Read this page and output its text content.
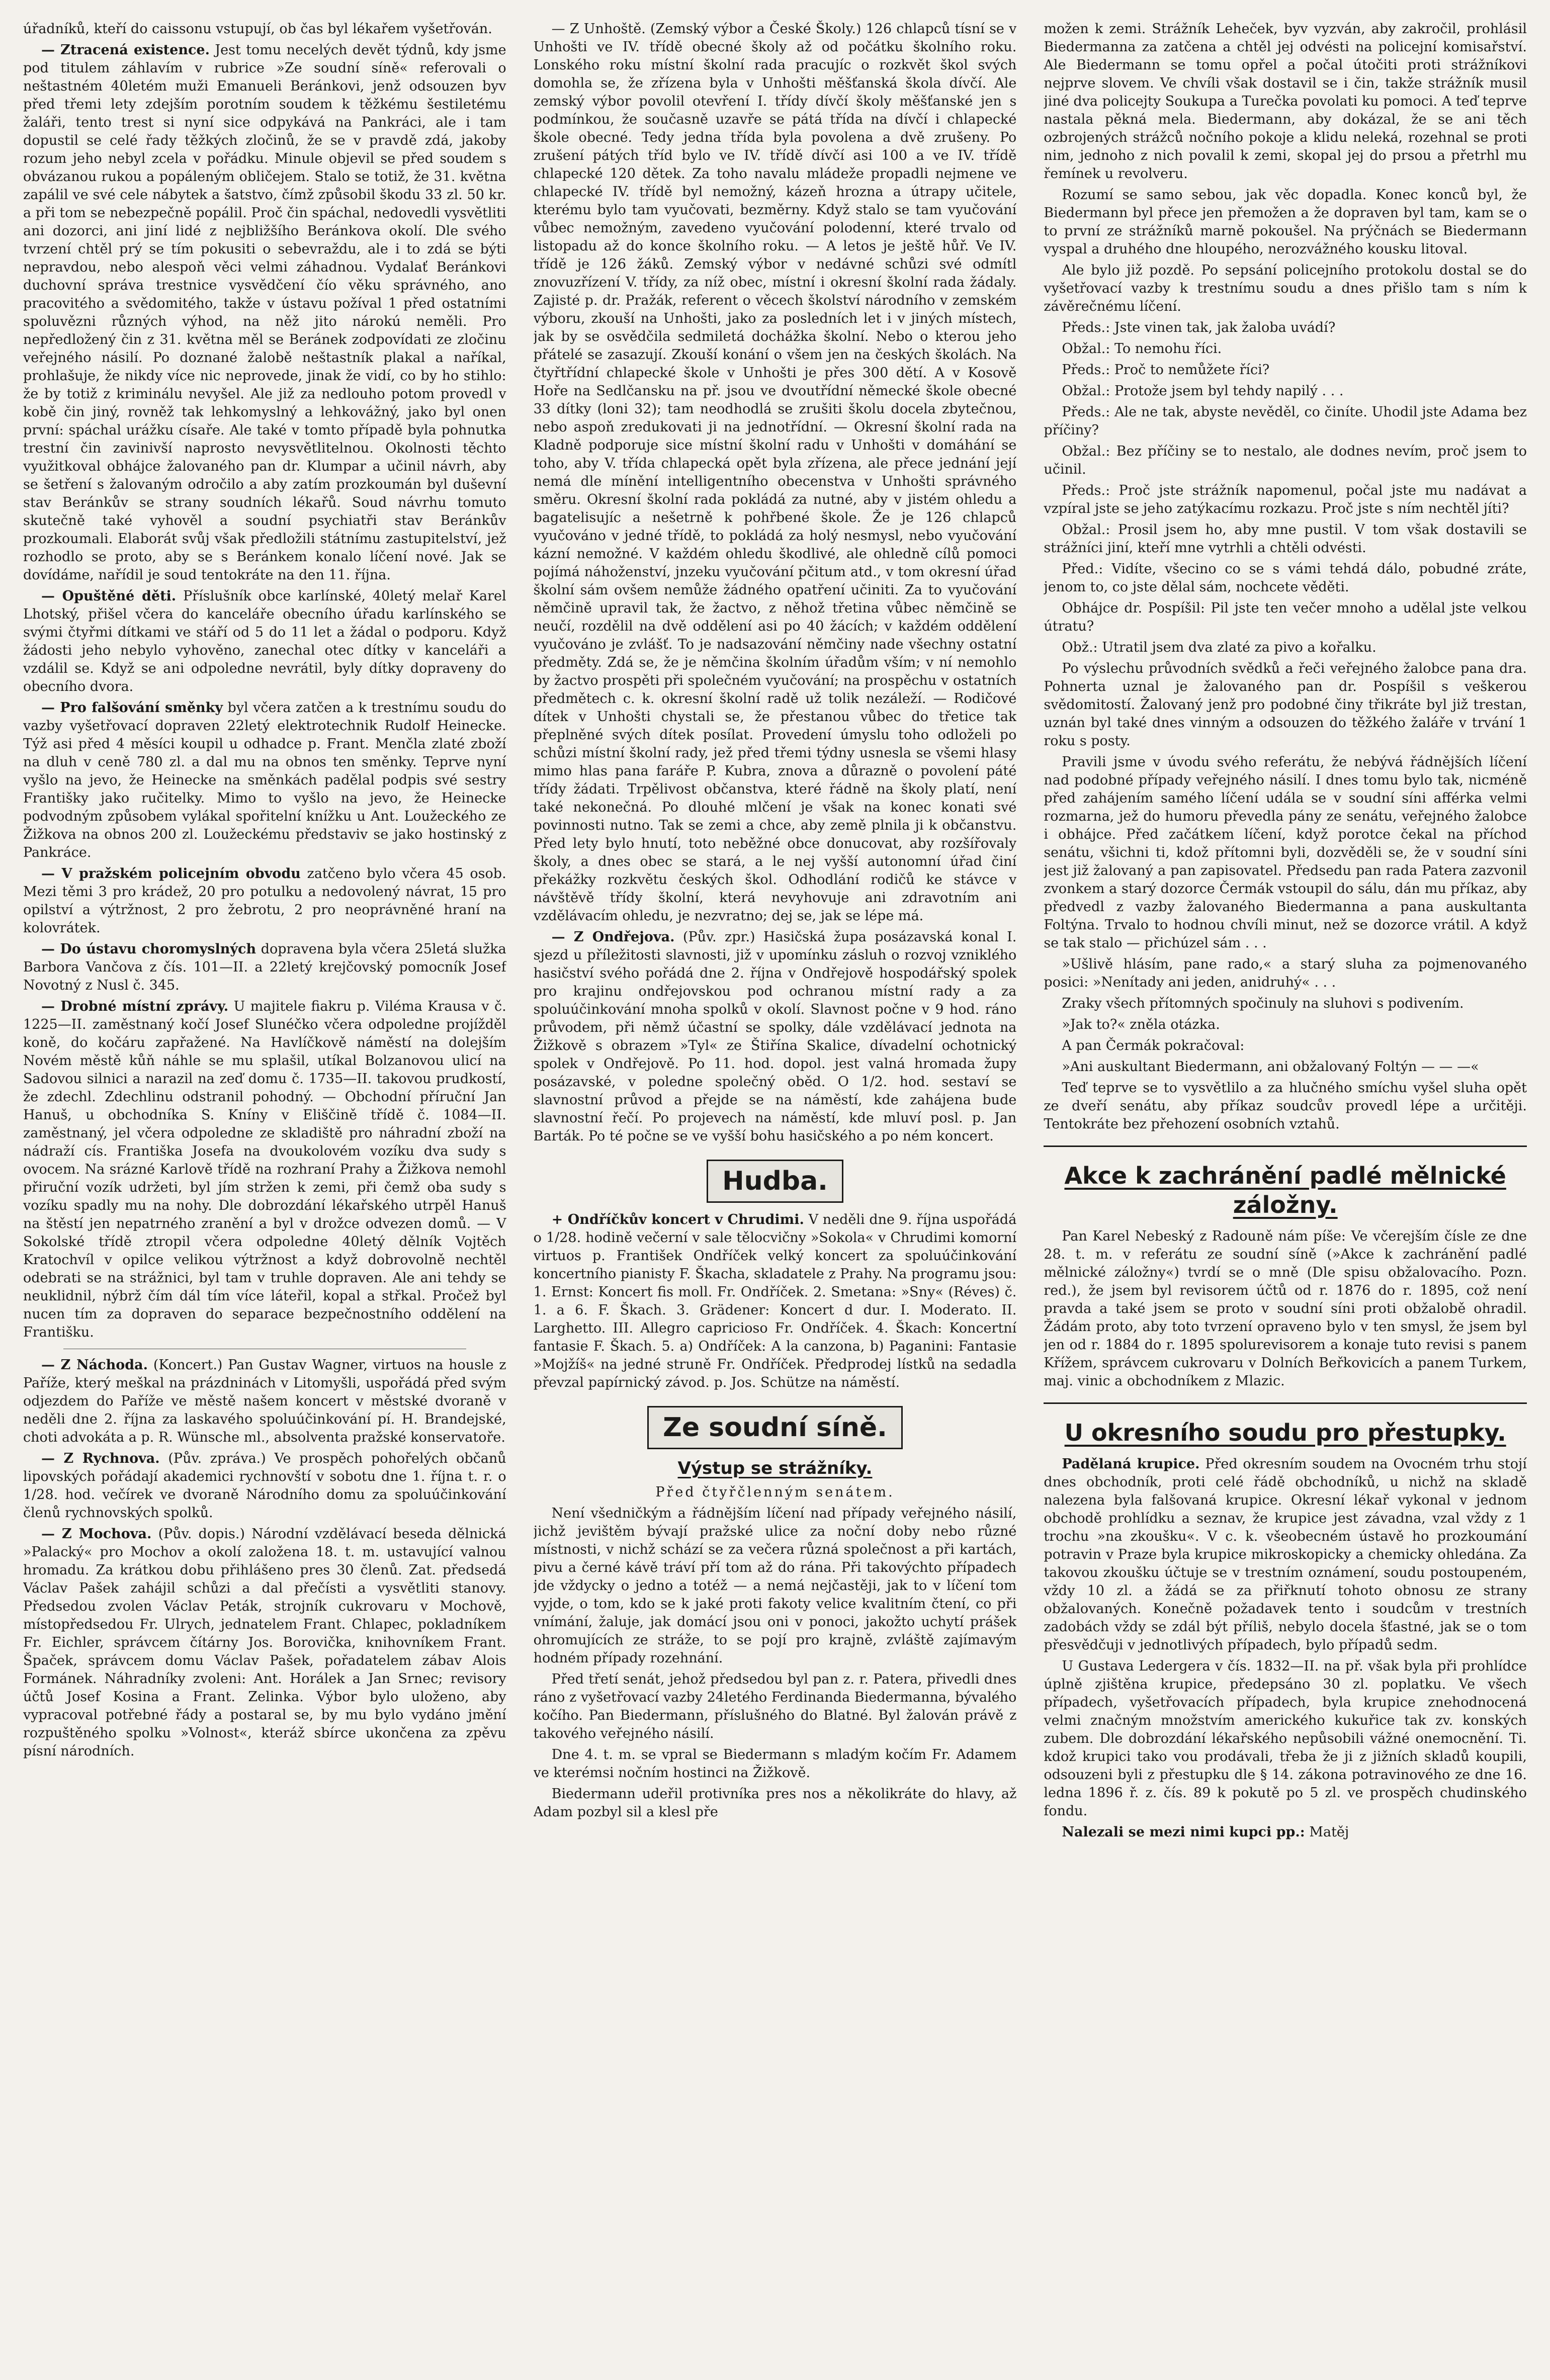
úřadníků, kteří do caissonu vstupují, ob čas byl lékařem vyšetřován.

— Ztracená existence. Jest tomu necelých devět týdnů, kdy jsme pod titulem záhlavím v rubrice »Ze soudní síně« referovali o neštastném 40letém muži Emanueli Beránkovi, jenž odsouzen byv před třemi lety zdejším porotním soudem k těžkému šestiletému žaláři, tento trest si nyní sice odpykává na Pankráci, ale i tam dopustil se celé řady těžkých zločinů, že se v pravdě zdá, jakoby rozum jeho nebyl zcela v pořádku. Minule objevil se před soudem s obvázanou rukou a popáleným obličejem. Stalo se totiž, že 31. května zapálil ve své cele nábytek a šatstvo, čímž způsobil škodu 33 zl. 50 kr. a při tom se nebezpečně popálil. Proč čin spáchal, nedovedli vysvětliti ani dozorci, ani jiní lidé z nejbližšího Beránkova okolí. Dle svého tvrzení chtěl prý se tím pokusiti o sebevraždu, ale i to zdá se býti nepravdou, nebo alespoň věci velmi záhadnou. Vydalať Beránkovi duchovní správa trestnice vysvědčení čío věku správného, ano pracovitého a svědomitého, takže v ústavu požíval 1 před ostatními spoluvězni různých výhod, na něž jito nárokú neměli. Pro nepředložený čin z 31. května měl se Beránek zodpovídati ze zločinu veřejného násilí. Po doznané žalobě neštastník plakal a naříkal, prohlašuje, že nikdy více nic neprovede, jinak že vidí, co by ho stihlo: že by totiž z kriminálu nevyšel. Ale již za nedlouho potom provedl v kobě čin jiný, rovněž tak lehkomyslný a lehkovážný, jako byl onen první: spáchal urážku císaře. Ale také v tomto případě byla pohnutka trestní čin zavinivší naprosto nevysvětlitelnou. Okolnosti těchto využitkoval obhájce žalovaného pan dr. Klumpar a učinil návrh, aby se šetření s žalovaným odročilo a aby zatím prozkoumán byl duševní stav Beránkův se strany soudních lékařů. Soud návrhu tomuto skutečně také vyhověl a soudní psychiatři stav Beránkův prozkoumali. Elaborát svůj však předložili státnímu zastupitelství, jež rozhodlo se proto, aby se s Beránkem konalo líčení nové. Jak se dovídáme, nařídil je soud tentokráte na den 11. října.

— Opuštěné děti. Příslušník obce karlínské, 40letý melař Karel Lhotský, přišel včera do kanceláře obecního úřadu karlínského se svými čtyřmi dítkami ve stáří od 5 do 11 let a žádal o podporu. Když žádosti jeho nebylo vyhověno, zanechal otec dítky v kanceláři a vzdálil se. Když se ani odpoledne nevrátil, byly dítky dopraveny do obecního dvora.

— Pro falšování směnky byl včera zatčen a k trestnímu soudu do vazby vyšetřovací dopraven 22letý elektrotechnik Rudolf Heinecke. Týž asi před 4 měsíci koupil u odhadce p. Frant. Menčla zlaté zboží na dluh v ceně 780 zl. a dal mu na obnos ten směnky. Teprve nyní vyšlo na jevo, že Heinecke na směnkách padělal podpis své sestry Františky jako ručitelky. Mimo to vyšlo na jevo, že Heinecke podvodným způsobem vylákal spořitelní knížku u Ant. Loužeckého ze Žižkova na obnos 200 zl. Loužeckému představiv se jako hostinský z Pankráce.

— V pražském policejním obvodu zatčeno bylo včera 45 osob. Mezi těmi 3 pro krádež, 20 pro potulku a nedovolený návrat, 15 pro opilství a výtržnost, 2 pro žebrotu, 2 pro neoprávněné hraní na kolovrátek.

— Do ústavu choromyslných dopravena byla včera 25letá služka Barbora Vančova z čís. 101—II. a 22letý krejčovský pomocník Josef Novotný z Nusl č. 345.

— Drobné místní zprávy. U majitele fiakru p. Viléma Krausa v č. 1225—II. zaměstnaný kočí Josef Slunéčko včera odpoledne projížděl koně, do kočáru zapřažené. Na Havlíčkově náměstí na dolejším Novém městě kůň náhle se mu splašil, utíkal Bolzanovou ulicí na Sadovou silnici a narazil na zeď domu č. 1735—II. takovou prudkostí, že zdechl. Zdechlinu odstranil pohodný. — Obchodní příruční Jan Hanuš, u obchodníka S. Kníny v Eliščině třídě č. 1084—II. zaměstnaný, jel včera odpoledne ze skladiště pro náhradní zboží na nádraží cís. Františka Josefa na dvoukolovém vozíku dva sudy s ovocem. Na srázné Karlově třídě na rozhraní Prahy a Žižkova nemohl přiruční vozík udržeti, byl jím stržen k zemi, při čemž oba sudy s vozíku spadly mu na nohy. Dle dobrozdání lékařského utrpěl Hanuš na štěstí jen nepatrného zranění a byl v drožce odvezen domů. — V Sokolské třídě ztropil včera odpoledne 40letý dělník Vojtěch Kratochvíl v opilce velikou výtržnost a když dobrovolně nechtěl odebrati se na strážnici, byl tam v truhle dopraven. Ale ani tehdy se neuklidnil, nýbrž čím dál tím více láteřil, kopal a střkal. Pročež byl nucen tím za dopraven do separace bezpečnostního oddělení na Františku.

— Z Náchoda. (Koncert.) Pan Gustav Wagner, virtuos na housle z Paříže, který meškal na prázdninách v Litomyšli, uspořádá před svým odjezdem do Paříže ve městě našem koncert v městské dvoraně v neděli dne 2. října za laskavého spoluúčinkování pí. H. Brandejské, choti advokáta a p. R. Wünsche ml., absolventa pražské konservatoře.

— Z Rychnova. (Pův. zpráva.) Ve prospěch pohořelých občanů lipovských pořádají akademici rychnovští v sobotu dne 1. října t. r. o 1/28. hod. večírek ve dvoraně Národního domu za spoluúčinkování členů rychnovských spolků.

— Z Mochova. (Pův. dopis.) Národní vzdělávací beseda dělnická »Palacký« pro Mochov a okolí založena 18. t. m. ustavující valnou hromadu. Za krátkou dobu přihlášeno pres 30 členů. Zat. předsedá Václav Pašek zahájil schůzi a dal přečísti a vysvětliti stanovy. Předsedou zvolen Václav Peták, strojník cukrovaru v Mochově, místopředsedou Fr. Ulrych, jednatelem Frant. Chlapec, pokladníkem Fr. Eichler, správcem čítárny Jos. Borovička, knihovníkem Frant. Špaček, správcem domu Václav Pašek, pořadatelem zábav Alois Formánek. Náhradníky zvoleni: Ant. Horálek a Jan Srnec; revisory účtů Josef Kosina a Frant. Zelinka. Výbor bylo uloženo, aby vypracoval potřebné řády a postaral se, by mu bylo vydáno jmění rozpuštěného spolku »Volnost«, kteráž sbírce ukončena za zpěvu písní národních.

— Z Unhoště. (Zemský výbor a České Školy.) 126 chlapců tísní se v Unhošti ve IV. třídě obecné školy až od počátku školního roku. Lonského roku místní školní rada pracujíc o rozkvět škol svých domohla se, že zřízena byla v Unhošti měšťanská škola dívčí. Ale zemský výbor povolil otevření I. třídy dívčí školy měšťanské jen s podmínkou, že současně uzavře se pátá třída na dívčí i chlapecké škole obecné. Tedy jedna třída byla povolena a dvě zrušeny. Po zrušení pátých tříd bylo ve IV. třídě dívčí asi 100 a ve IV. třídě chlapecké 120 dětek. Za toho navalu mládeže propadli nejmene ve chlapecké IV. třídě byl nemožný, kázeň hrozna a útrapy učitele, kterému bylo tam vyučovati, bezměrny. Když stalo se tam vyučování vůbec nemožným, zavedeno vyučování polodenní, které trvalo od listopadu až do konce školního roku. — A letos je ještě hůř. Ve IV. třídě je 126 žáků. Zemský výbor v nedávné schůzi své odmítl znovuzřízení V. třídy, za níž obec, místní i okresní školní rada žádaly. Zajisté p. dr. Pražák, referent o věcech školství národního v zemském výboru, zkouší na Unhošti, jako za posledních let i v jiných místech, jak by se osvědčila sedmiletá dochážka školní. Nebo o kterou jeho přátelé se zasazují. Zkouší konání o všem jen na českých školách. Na čtyřtřídní chlapecké škole v Unhošti je přes 300 dětí. A v Kosově Hoře na Sedlčansku na př. jsou ve dvoutřídní německé škole obecné 33 dítky (loni 32); tam neodhodlá se zrušiti školu docela zbytečnou, nebo aspoň zredukovati ji na jednotřídní. — Okresní školní rada na Kladně podporuje sice místní školní radu v Unhošti v domáhání se toho, aby V. třída chlapecká opět byla zřízena, ale přece jednání její nemá dle mínění intelligentního obecenstva v Unhošti správného směru. Okresní školní rada pokládá za nutné, aby v jistém ohledu a bagatelisujíc a nešetrně k pohřbené škole. Že je 126 chlapců vyučováno v jedné třídě, to pokládá za holý nesmysl, nebo vyučování kázní nemožné. V každém ohledu škodlivé, ale ohledně cílů pomoci pojímá náhoženství, jnzeku vyučování pčitum atd., v tom okresní úřad školní sám ovšem nemůže žádného opatření učiniti. Za to vyučování němčině upravil tak, že žactvo, z něhož třetina vůbec němčině se neučí, rozdělil na dvě oddělení asi po 40 žácích; v každém oddělení vyučováno je zvlášť. To je nadsazování němčiny nade všechny ostatní předměty. Zdá se, že je němčina školním úřadům vším; v ní nemohlo by žactvo prospěti při společném vyučování; na prospěchu v ostatních předmětech c. k. okresní školní radě už tolik nezáleží. — Rodičové dítek v Unhošti chystali se, že přestanou vůbec do třetice tak přeplněné svých dítek posílat. Provedení úmyslu toho odloželi po schůzi místní školní rady, jež před třemi týdny usnesla se všemi hlasy mimo hlas pana faráře P. Kubra, znova a důrazně o povolení páté třídy žádati. Trpělivost občanstva, které řádně na školy platí, není také nekonečná. Po dlouhé mlčení je však na konec konati své povinnosti nutno. Tak se zemi a chce, aby země plnila ji k občanstvu. Před lety bylo hnutí, toto neběžné obce donucovat, aby rozšířovaly školy, a dnes obec se stará, a le nej vyšší autonomní úřad činí překážky rozkvětu českých škol. Odhodlání rodičů ke stávce v návštěvě třídy školní, která nevyhovuje ani zdravotním ani vzdělávacím ohledu, je nezvratno; dej se, jak se lépe má.

— Z Ondřejova. (Pův. zpr.) Hasičská župa posázavská konal I. sjezd u příležitosti slavnosti, již v upomínku zásluh o rozvoj vzniklého hasičství svého pořádá dne 2. října v Ondřejově hospodářský spolek pro krajinu ondřejovskou pod ochranou místní rady a za spoluúčinkování mnoha spolků v okolí. Slavnost počne v 9 hod. ráno průvodem, při němž účastní se spolky, dále vzdělávací jednota na Žižkově s obrazem »Tyl« ze Štiřína Skalice, dívadelní ochotnický spolek v Ondřejově. Po 11. hod. dopol. jest valná hromada župy posázavské, v poledne společný oběd. O 1/2. hod. sestaví se slavnostní průvod a přejde se na náměstí, kde zahájena bude slavnostní řečí. Po projevech na náměstí, kde mluví posl. p. Jan Barták. Po té počne se ve vyšší bohu hasičského a po ném koncert.

Hudba.

+ Ondříčkův koncert v Chrudimi. V neděli dne 9. října uspořádá o 1/28. hodině večerní v sale tělocvičny »Sokola« v Chrudimi komorní virtuos p. František Ondříček velký koncert za spoluúčinkování koncertního pianisty F. Škacha, skladatele z Prahy. Na programu jsou: 1. Ernst: Koncert fis moll. Fr. Ondříček. 2. Smetana: »Sny« (Réves) č. 1. a 6. F. Škach. 3. Grädener: Koncert d dur. I. Moderato. II. Larghetto. III. Allegro capricioso Fr. Ondříček. 4. Škach: Koncertní fantasie F. Škach. 5. a) Ondříček: A la canzona, b) Paganini: Fantasie »Mojžíš« na jedné struně Fr. Ondříček. Předprodej lístků na sedadla převzal papírnický závod. p. Jos. Schütze na náměstí.

Ze soudní síně.
Výstup se strážníky.

Před čtyřčlenným senátem.

Není všedničkým a řádnějším líčení nad případy veřejného násilí, jichž jevištěm bývají pražské ulice za noční doby nebo různé místnosti, v nichž schází se za večera různá společnost a při kartách, pivu a černé kávě tráví pří tom až do rána. Při takovýchto případech jde vždycky o jedno a totéž — a nemá nejčastěji, jak to v líčení tom vyjde, o tom, kdo se k jaké proti fakoty velice kvalitním čtení, co při vnímání, žaluje, jak domácí jsou oni v ponoci, jakožto uchytí prášek ohromujících ze stráže, to se pojí pro krajně, zvláště zajímavým hodném případy rozehnání.

Před třetí senát, jehož předsedou byl pan z. r. Patera, přivedli dnes ráno z vyšetřovací vazby 24letého Ferdinanda Biedermanna, bývalého kočího. Pan Biedermann, příslušného do Blatné. Byl žalován právě z takového veřejného násilí.

Dne 4. t. m. se vpral se Biedermann s mladým kočím Fr. Adamem ve kterémsi nočním hostinci na Žižkově.

Biedermann udeřil protivníka pres nos a několikráte do hlavy, až Adam pozbyl sil a klesl pře

možen k zemi. Strážník Leheček, byv vyzván, aby zakročil, prohlásil Biedermanna za zatčena a chtěl jej odvésti na policejní komisařství. Ale Biedermann se tomu opřel a počal útočiti proti strážníkovi nejprve slovem. Ve chvíli však dostavil se i čin, takže strážník musil jiné dva policejty Soukupa a Turečka povolati ku pomoci. A teď teprve nastala pěkná mela. Biedermann, aby dokázal, že se ani těch ozbrojených strážců nočního pokoje a klidu neleká, rozehnal se proti nim, jednoho z nich povalil k zemi, skopal jej do prsou a přetrhl mu řemínek u revolveru.

Rozumí se samo sebou, jak věc dopadla. Konec konců byl, že Biedermann byl přece jen přemožen a že dopraven byl tam, kam se o to první ze strážníků marně pokoušel. Na prýčnách se Biedermann vyspal a druhého dne hloupého, nerozvážného kousku litoval.

Ale bylo již pozdě. Po sepsání policejního protokolu dostal se do vyšetřovací vazby k trestnímu soudu a dnes přišlo tam s ním k závěrečnému líčení.

Předs.: Jste vinen tak, jak žaloba uvádí?

Obžal.: To nemohu říci.

Předs.: Proč to nemůžete říci?

Obžal.: Protože jsem byl tehdy napilý . . .

Předs.: Ale ne tak, abyste nevěděl, co činíte. Uhodil jste Adama bez příčiny?

Obžal.: Bez příčiny se to nestalo, ale dodnes nevím, proč jsem to učinil.

Předs.: Proč jste strážník napomenul, počal jste mu nadávat a vzpíral jste se jeho zatýkacímu rozkazu. Proč jste s ním nechtěl jíti?

Obžal.: Prosil jsem ho, aby mne pustil. V tom však dostavili se strážníci jiní, kteří mne vytrhli a chtěli odvésti.

Před.: Vidíte, všecino co se s vámi tehdá dálo, pobudné zráte, jenom to, co jste dělal sám, nochcete věděti.

Obhájce dr. Pospíšil: Pil jste ten večer mnoho a udělal jste velkou útratu?

Obž.: Utratil jsem dva zlaté za pivo a kořalku.

Po výslechu průvodních svědků a řeči veřejného žalobce pana dra. Pohnerta uznal je žalovaného pan dr. Pospíšil s veškerou svědomitostí. Žalovaný jenž pro podobné činy třikráte byl již trestan, uznán byl také dnes vinným a odsouzen do těžkého žaláře v trvání 1 roku s posty.

Pravili jsme v úvodu svého referátu, že nebývá řádnějších líčení nad podobné případy veřejného násilí. I dnes tomu bylo tak, nicméně před zahájením samého líčení udála se v soudní síni afférka velmi rozmarna, jež do humoru převedla pány ze senátu, veřejného žalobce i obhájce. Před začátkem líčení, když porotce čekal na příchod senátu, všichni ti, kdož přítomni byli, dozvěděli se, že v soudní síni jest již žalovaný a pan zapisovatel. Předsedu pan rada Patera zazvonil zvonkem a starý dozorce Čermák vstoupil do sálu, dán mu příkaz, aby předvedl z vazby žalovaného Biedermanna a pana auskultanta Foltýna. Trvalo to hodnou chvíli minut, než se dozorce vrátil. A když se tak stalo — přichúzel sám . . .

»Ušlivě hlásím, pane rado,« a starý sluha za pojmenovaného posici: »Nenítady ani jeden, anidruhý« . . .

Zraky všech přítomných spočinuly na sluhovi s podivením.

»Jak to?« zněla otázka.

A pan Čermák pokračoval:

»Ani auskultant Biedermann, ani obžalovaný Foltýn — — —«

Teď teprve se to vysvětlilo a za hlučného smíchu vyšel sluha opět ze dveří senátu, aby příkaz soudcův provedl lépe a určitěji. Tentokráte bez přehození osobních vztahů.

Akce k zachránění padlé mělnické záložny.

Pan Karel Nebeský z Radouně nám píše: Ve včerejším čísle ze dne 28. t. m. v referátu ze soudní síně (»Akce k zachránění padlé mělnické záložny«) tvrdí se o mně (Dle spisu obžalovacího. Pozn. red.), že jsem byl revisorem účtů od r. 1876 do r. 1895, což není pravda a také jsem se proto v soudní síni proti obžalobě ohradil. Žádám proto, aby toto tvrzení opraveno bylo v ten smysl, že jsem byl jen od r. 1884 do r. 1895 spolurevisorem a konaje tuto revisi s panem Křížem, správcem cukrovaru v Dolních Beřkovicích a panem Turkem, maj. vinic a obchodníkem z Mlazic.

U okresního soudu pro přestupky.

Padělaná krupice. Před okresním soudem na Ovocném trhu stojí dnes obchodník, proti celé řádě obchodníků, u nichž na skladě nalezena byla falšovaná krupice. Okresní lékař vykonal v jednom obchodě prohlídku a seznav, že krupice jest závadna, vzal vždy z 1 trochu »na zkoušku«. V c. k. všeobecném ústavě ho prozkoumání potravin v Praze byla krupice mikroskopicky a chemicky ohledána. Za takovou zkoušku účtuje se v trestním oznámení, soudu postoupeném, vždy 10 zl. a žádá se za přiřknutí tohoto obnosu ze strany obžalovaných. Konečně požadavek tento i soudcům v trestních zadobách vždy se zdál být příliš, nebylo docela šťastné, jak se o tom přesvědčuji v jednotlivých případech, bylo případů sedm.

U Gustava Ledergera v čís. 1832—II. na př. však byla při prohlídce úplně zjištěna krupice, předepsáno 30 zl. poplatku. Ve všech případech, vyšetřovacích případech, byla krupice znehodnocená velmi značným množstvím amerického kukuřice tak zv. konských zubem. Dle dobrozdání lékařského nepůsobili vážné onemocnění. Ti. kdož krupici tako vou prodávali, třeba že ji z jižních skladů koupili, odsouzeni byli z přestupku dle § 14. zákona potravinového ze dne 16. ledna 1896 ř. z. čís. 89 k pokutě po 5 zl. ve prospěch chudinského fondu.

Nalezali se mezi nimi kupci pp.: Matěj
